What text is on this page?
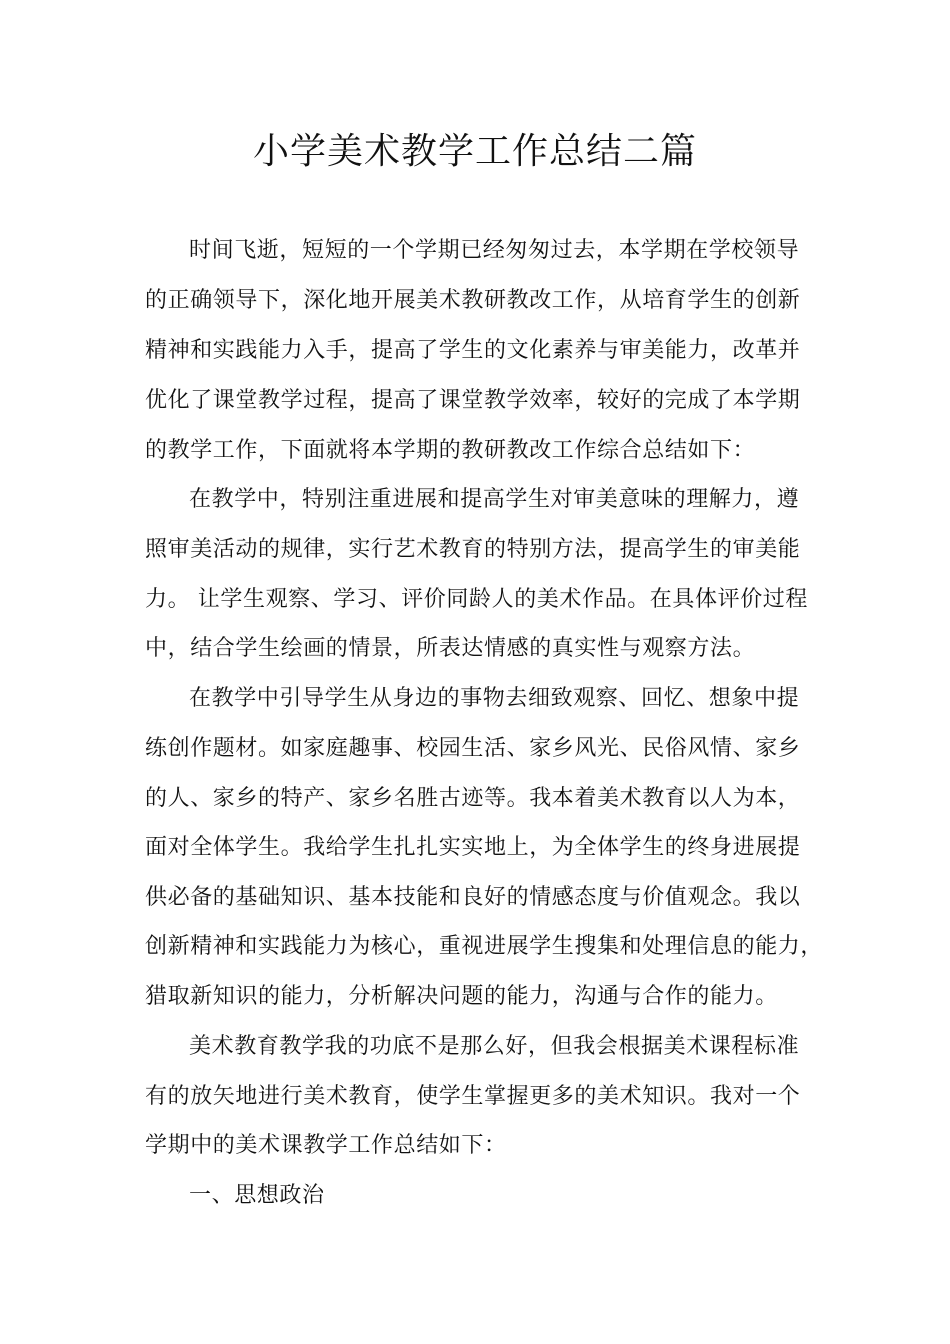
小学美术教学工作总结二篇

时间飞逝，短短的一个学期已经匆匆过去，本学期在学校领导

的正确领导下，深化地开展美术教研教改工作，从培育学生的创新

精神和实践能力入手，提高了学生的文化素养与审美能力，改革并

优化了课堂教学过程，提高了课堂教学效率，较好的完成了本学期

的教学工作，下面就将本学期的教研教改工作综合总结如下：

在教学中，特别注重进展和提高学生对审美意味的理解力，遵

照审美活动的规律，实行艺术教育的特别方法，提高学生的审美能

力。 让学生观察、学习、评价同龄人的美术作品。在具体评价过程

中，结合学生绘画的情景，所表达情感的真实性与观察方法。

在教学中引导学生从身边的事物去细致观察、回忆、想象中提

练创作题材。如家庭趣事、校园生活、家乡风光、民俗风情、家乡

的人、家乡的特产、家乡名胜古迹等。我本着美术教育以人为本，

面对全体学生。我给学生扎扎实实地上，为全体学生的终身进展提

供必备的基础知识、基本技能和良好的情感态度与价值观念。我以

创新精神和实践能力为核心，重视进展学生搜集和处理信息的能力，

猎取新知识的能力，分析解决问题的能力，沟通与合作的能力。

美术教育教学我的功底不是那么好，但我会根据美术课程标准

有的放矢地进行美术教育，使学生掌握更多的美术知识。我对一个

学期中的美术课教学工作总结如下：

一、思想政治
